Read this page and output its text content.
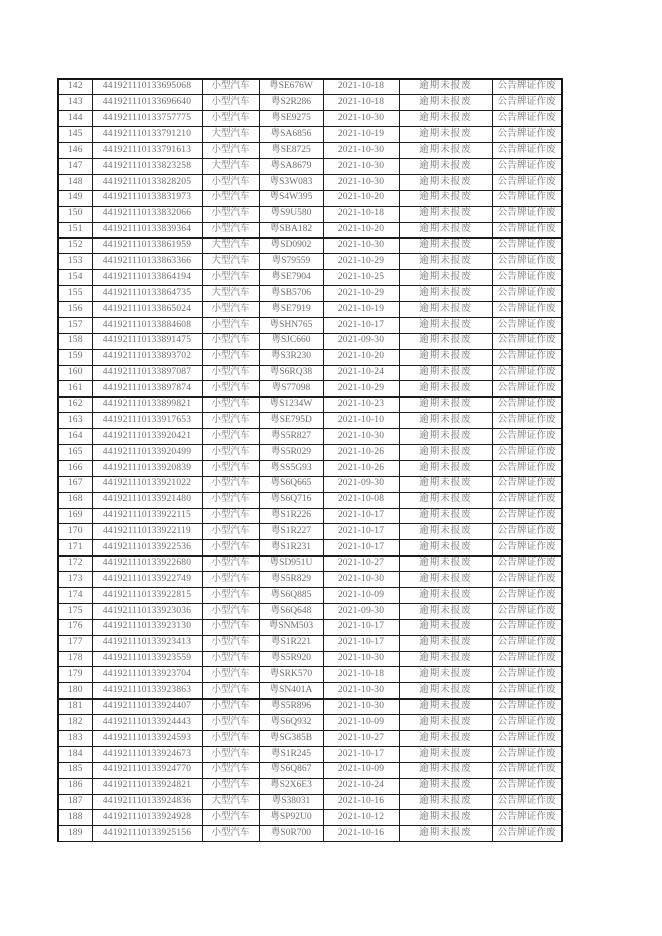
142	441921110133695068	小型汽车	粤SE676W	2021-10-18	逾期未报废	公告牌证作废
143	441921110133696640	小型汽车	粤S2R286	2021-10-18	逾期未报废	公告牌证作废
144	441921110133757775	小型汽车	粤SE9275	2021-10-30	逾期未报废	公告牌证作废
145	441921110133791210	大型汽车	粤SA6856	2021-10-19	逾期未报废	公告牌证作废
146	441921110133791613	小型汽车	粤SE8725	2021-10-30	逾期未报废	公告牌证作废
147	441921110133823258	大型汽车	粤SA8679	2021-10-30	逾期未报废	公告牌证作废
148	441921110133828205	小型汽车	粤S3W083	2021-10-30	逾期未报废	公告牌证作废
149	441921110133831973	小型汽车	粤S4W395	2021-10-20	逾期未报废	公告牌证作废
150	441921110133832066	小型汽车	粤S9U580	2021-10-18	逾期未报废	公告牌证作废
151	441921110133839364	小型汽车	粤SBA182	2021-10-20	逾期未报废	公告牌证作废
152	441921110133861959	大型汽车	粤SD0902	2021-10-30	逾期未报废	公告牌证作废
153	441921110133863366	大型汽车	粤S79559	2021-10-29	逾期未报废	公告牌证作废
154	441921110133864194	小型汽车	粤SE7904	2021-10-25	逾期未报废	公告牌证作废
155	441921110133864735	大型汽车	粤SB5706	2021-10-29	逾期未报废	公告牌证作废
156	441921110133865024	小型汽车	粤SE7919	2021-10-19	逾期未报废	公告牌证作废
157	441921110133884608	小型汽车	粤SHN765	2021-10-17	逾期未报废	公告牌证作废
158	441921110133891475	小型汽车	粤SJC660	2021-09-30	逾期未报废	公告牌证作废
159	441921110133893702	小型汽车	粤S3R230	2021-10-20	逾期未报废	公告牌证作废
160	441921110133897087	小型汽车	粤S6RQ38	2021-10-24	逾期未报废	公告牌证作废
161	441921110133897874	小型汽车	粤S77098	2021-10-29	逾期未报废	公告牌证作废
162	441921110133899821	小型汽车	粤S1234W	2021-10-23	逾期未报废	公告牌证作废
163	441921110133917653	小型汽车	粤SE795D	2021-10-10	逾期未报废	公告牌证作废
164	441921110133920421	小型汽车	粤S5R827	2021-10-30	逾期未报废	公告牌证作废
165	441921110133920499	小型汽车	粤S5R029	2021-10-26	逾期未报废	公告牌证作废
166	441921110133920839	小型汽车	粤SS5G93	2021-10-26	逾期未报废	公告牌证作废
167	441921110133921022	小型汽车	粤S6Q665	2021-09-30	逾期未报废	公告牌证作废
168	441921110133921480	小型汽车	粤S6Q716	2021-10-08	逾期未报废	公告牌证作废
169	441921110133922115	小型汽车	粤S1R226	2021-10-17	逾期未报废	公告牌证作废
170	441921110133922119	小型汽车	粤S1R227	2021-10-17	逾期未报废	公告牌证作废
171	441921110133922536	小型汽车	粤S1R231	2021-10-17	逾期未报废	公告牌证作废
172	441921110133922680	小型汽车	粤SD951U	2021-10-27	逾期未报废	公告牌证作废
173	441921110133922749	小型汽车	粤S5R829	2021-10-30	逾期未报废	公告牌证作废
174	441921110133922815	小型汽车	粤S6Q885	2021-10-09	逾期未报废	公告牌证作废
175	441921110133923036	小型汽车	粤S6Q648	2021-09-30	逾期未报废	公告牌证作废
176	441921110133923130	小型汽车	粤SNM503	2021-10-17	逾期未报废	公告牌证作废
177	441921110133923413	小型汽车	粤S1R221	2021-10-17	逾期未报废	公告牌证作废
178	441921110133923559	小型汽车	粤S5R920	2021-10-30	逾期未报废	公告牌证作废
179	441921110133923704	小型汽车	粤SRK570	2021-10-18	逾期未报废	公告牌证作废
180	441921110133923863	小型汽车	粤SN401A	2021-10-30	逾期未报废	公告牌证作废
181	441921110133924407	小型汽车	粤S5R896	2021-10-30	逾期未报废	公告牌证作废
182	441921110133924443	小型汽车	粤S6Q932	2021-10-09	逾期未报废	公告牌证作废
183	441921110133924593	小型汽车	粤SG385B	2021-10-27	逾期未报废	公告牌证作废
184	441921110133924673	小型汽车	粤S1R245	2021-10-17	逾期未报废	公告牌证作废
185	441921110133924770	小型汽车	粤S6Q867	2021-10-09	逾期未报废	公告牌证作废
186	441921110133924821	小型汽车	粤S2X6E3	2021-10-24	逾期未报废	公告牌证作废
187	441921110133924836	大型汽车	粤S38031	2021-10-16	逾期未报废	公告牌证作废
188	441921110133924928	小型汽车	粤SP92U0	2021-10-12	逾期未报废	公告牌证作废
189	441921110133925156	小型汽车	粤S0R700	2021-10-16	逾期未报废	公告牌证作废
